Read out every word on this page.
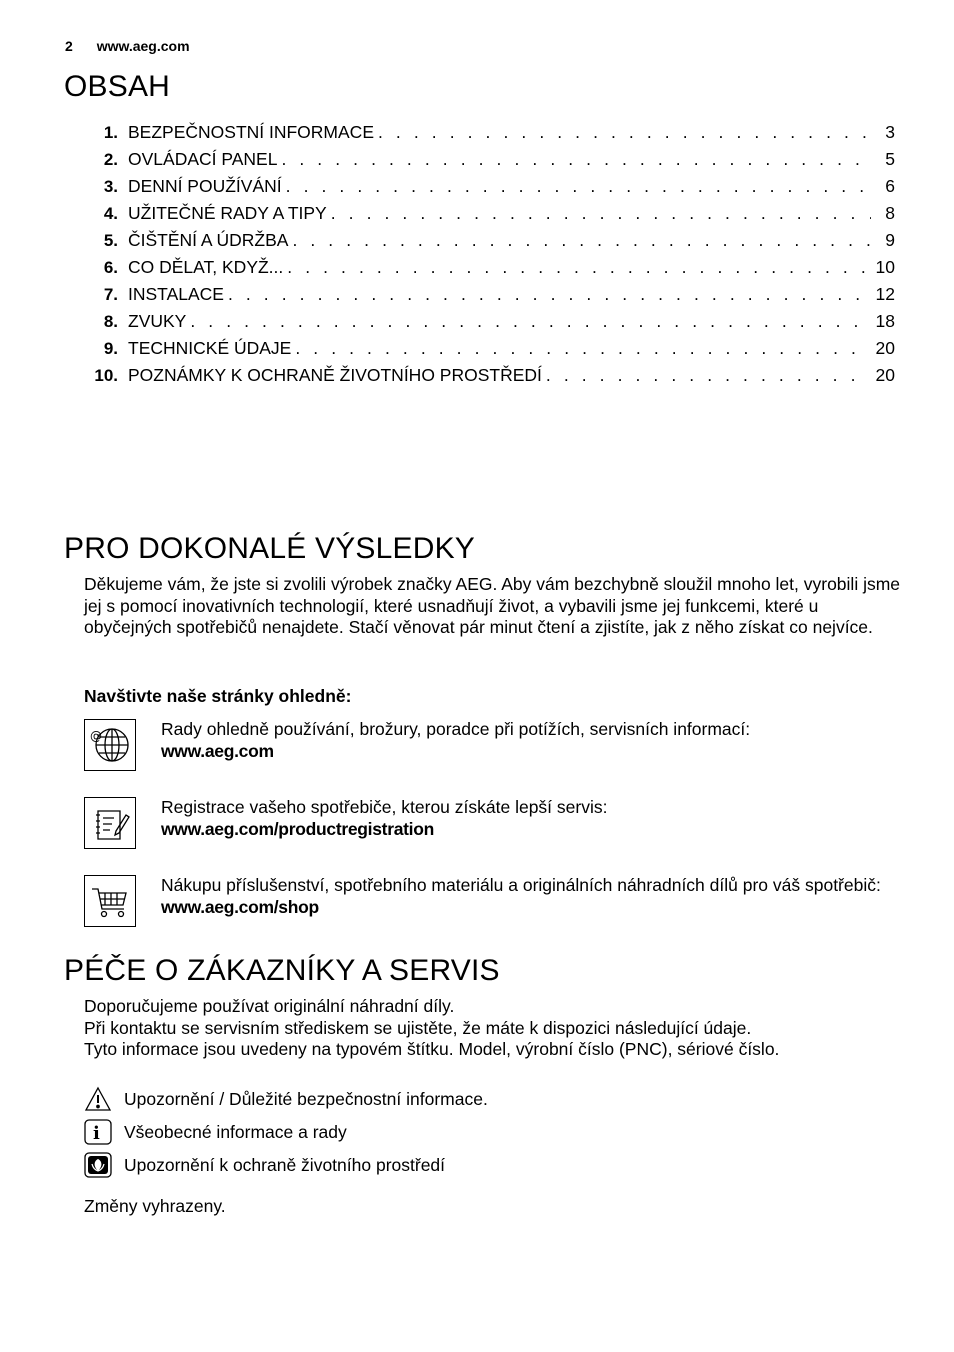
2 www.aeg.com
OBSAH
1. BEZPEČNOSTNÍ INFORMACE . . .	3
2. OVLÁDACÍ PANEL . . .	5
3. DENNÍ POUŽÍVÁNÍ . . .	6
4. UŽITEČNÉ RADY A TIPY . . .	8
5. ČIŠTĚNÍ A ÚDRŽBA . . .	9
6. CO DĚLAT, KDYŽ... . . .	10
7. INSTALACE . . .	12
8. ZVUKY . . .	18
9. TECHNICKÉ ÚDAJE . . .	20
10. POZNÁMKY K OCHRANĚ ŽIVOTNÍHO PROSTŘEDÍ . . .	20
PRO DOKONALÉ VÝSLEDKY
Děkujeme vám, že jste si zvolili výrobek značky AEG. Aby vám bezchybně sloužil mnoho let, vyrobili jsme jej s pomocí inovativních technologií, které usnadňují život, a vybavili jsme jej funkcemi, které u obyčejných spotřebičů nenajdete. Stačí věnovat pár minut čtení a zjistíte, jak z něho získat co nejvíce.
Navštivte naše stránky ohledně:
@	Rady ohledně používání, brožury, poradce při potížích, servisních informací:
www.aeg.com
Registrace vašeho spotřebiče, kterou získáte lepší servis:
www.aeg.com/productregistration
Nákupu příslušenství, spotřebního materiálu a originálních náhradních dílů pro váš spotřebič:
www.aeg.com/shop
PÉČE O ZÁKAZNÍKY A SERVIS
Doporučujeme používat originální náhradní díly.
Při kontaktu se servisním střediskem se ujistěte, že máte k dispozici následující údaje.
Tyto informace jsou uvedeny na typovém štítku. Model, výrobní číslo (PNC), sériové číslo.
Upozornění / Důležité bezpečnostní informace.
i Všeobecné informace a rady
Upozornění k ochraně životního prostředí
Změny vyhrazeny.
